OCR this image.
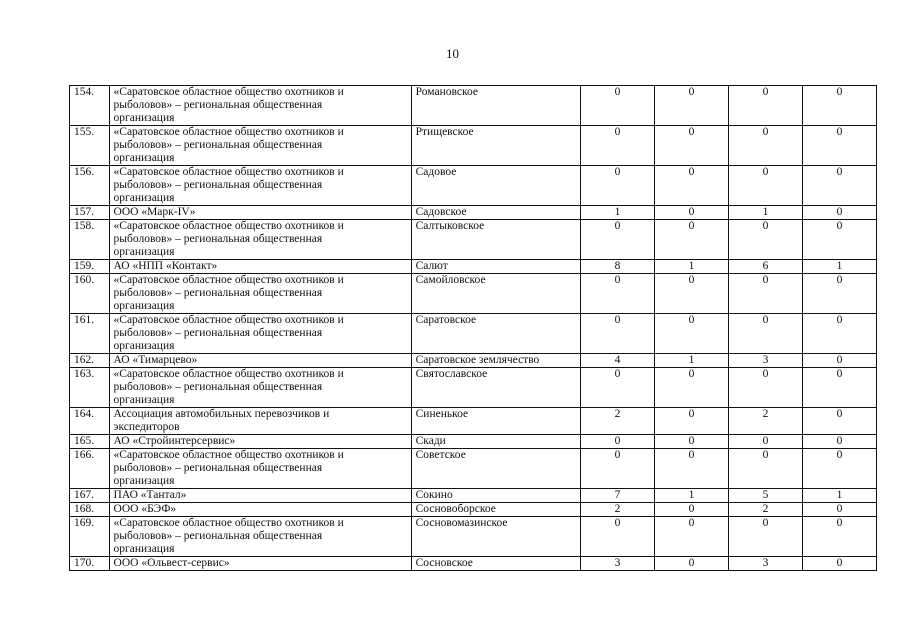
10
154.	«Саратовское областное общество охотников и рыболовов» – региональная общественная организация	Романовское	0	0	0	0
155.	«Саратовское областное общество охотников и рыболовов» – региональная общественная организация	Ртищевское	0	0	0	0
156.	«Саратовское областное общество охотников и рыболовов» – региональная общественная организация	Садовое	0	0	0	0
157.	ООО «Марк-IV»	Садовское	1	0	1	0
158.	«Саратовское областное общество охотников и рыболовов» – региональная общественная организация	Салтыковское	0	0	0	0
159.	АО «НПП «Контакт»	Салют	8	1	6	1
160.	«Саратовское областное общество охотников и рыболовов» – региональная общественная организация	Самойловское	0	0	0	0
161.	«Саратовское областное общество охотников и рыболовов» – региональная общественная организация	Саратовское	0	0	0	0
162.	АО «Тимарцево»	Саратовское землячество	4	1	3	0
163.	«Саратовское областное общество охотников и рыболовов» – региональная общественная организация	Святославское	0	0	0	0
164.	Ассоциация автомобильных перевозчиков и экспедиторов	Синенькое	2	0	2	0
165.	АО «Стройинтерсервис»	Скади	0	0	0	0
166.	«Саратовское областное общество охотников и рыболовов» – региональная общественная организация	Советское	0	0	0	0
167.	ПАО «Тантал»	Сокино	7	1	5	1
168.	ООО «БЭФ»	Сосновоборское	2	0	2	0
169.	«Саратовское областное общество охотников и рыболовов» – региональная общественная организация	Сосновомазинское	0	0	0	0
170.	ООО «Ольвест-сервис»	Сосновское	3	0	3	0
